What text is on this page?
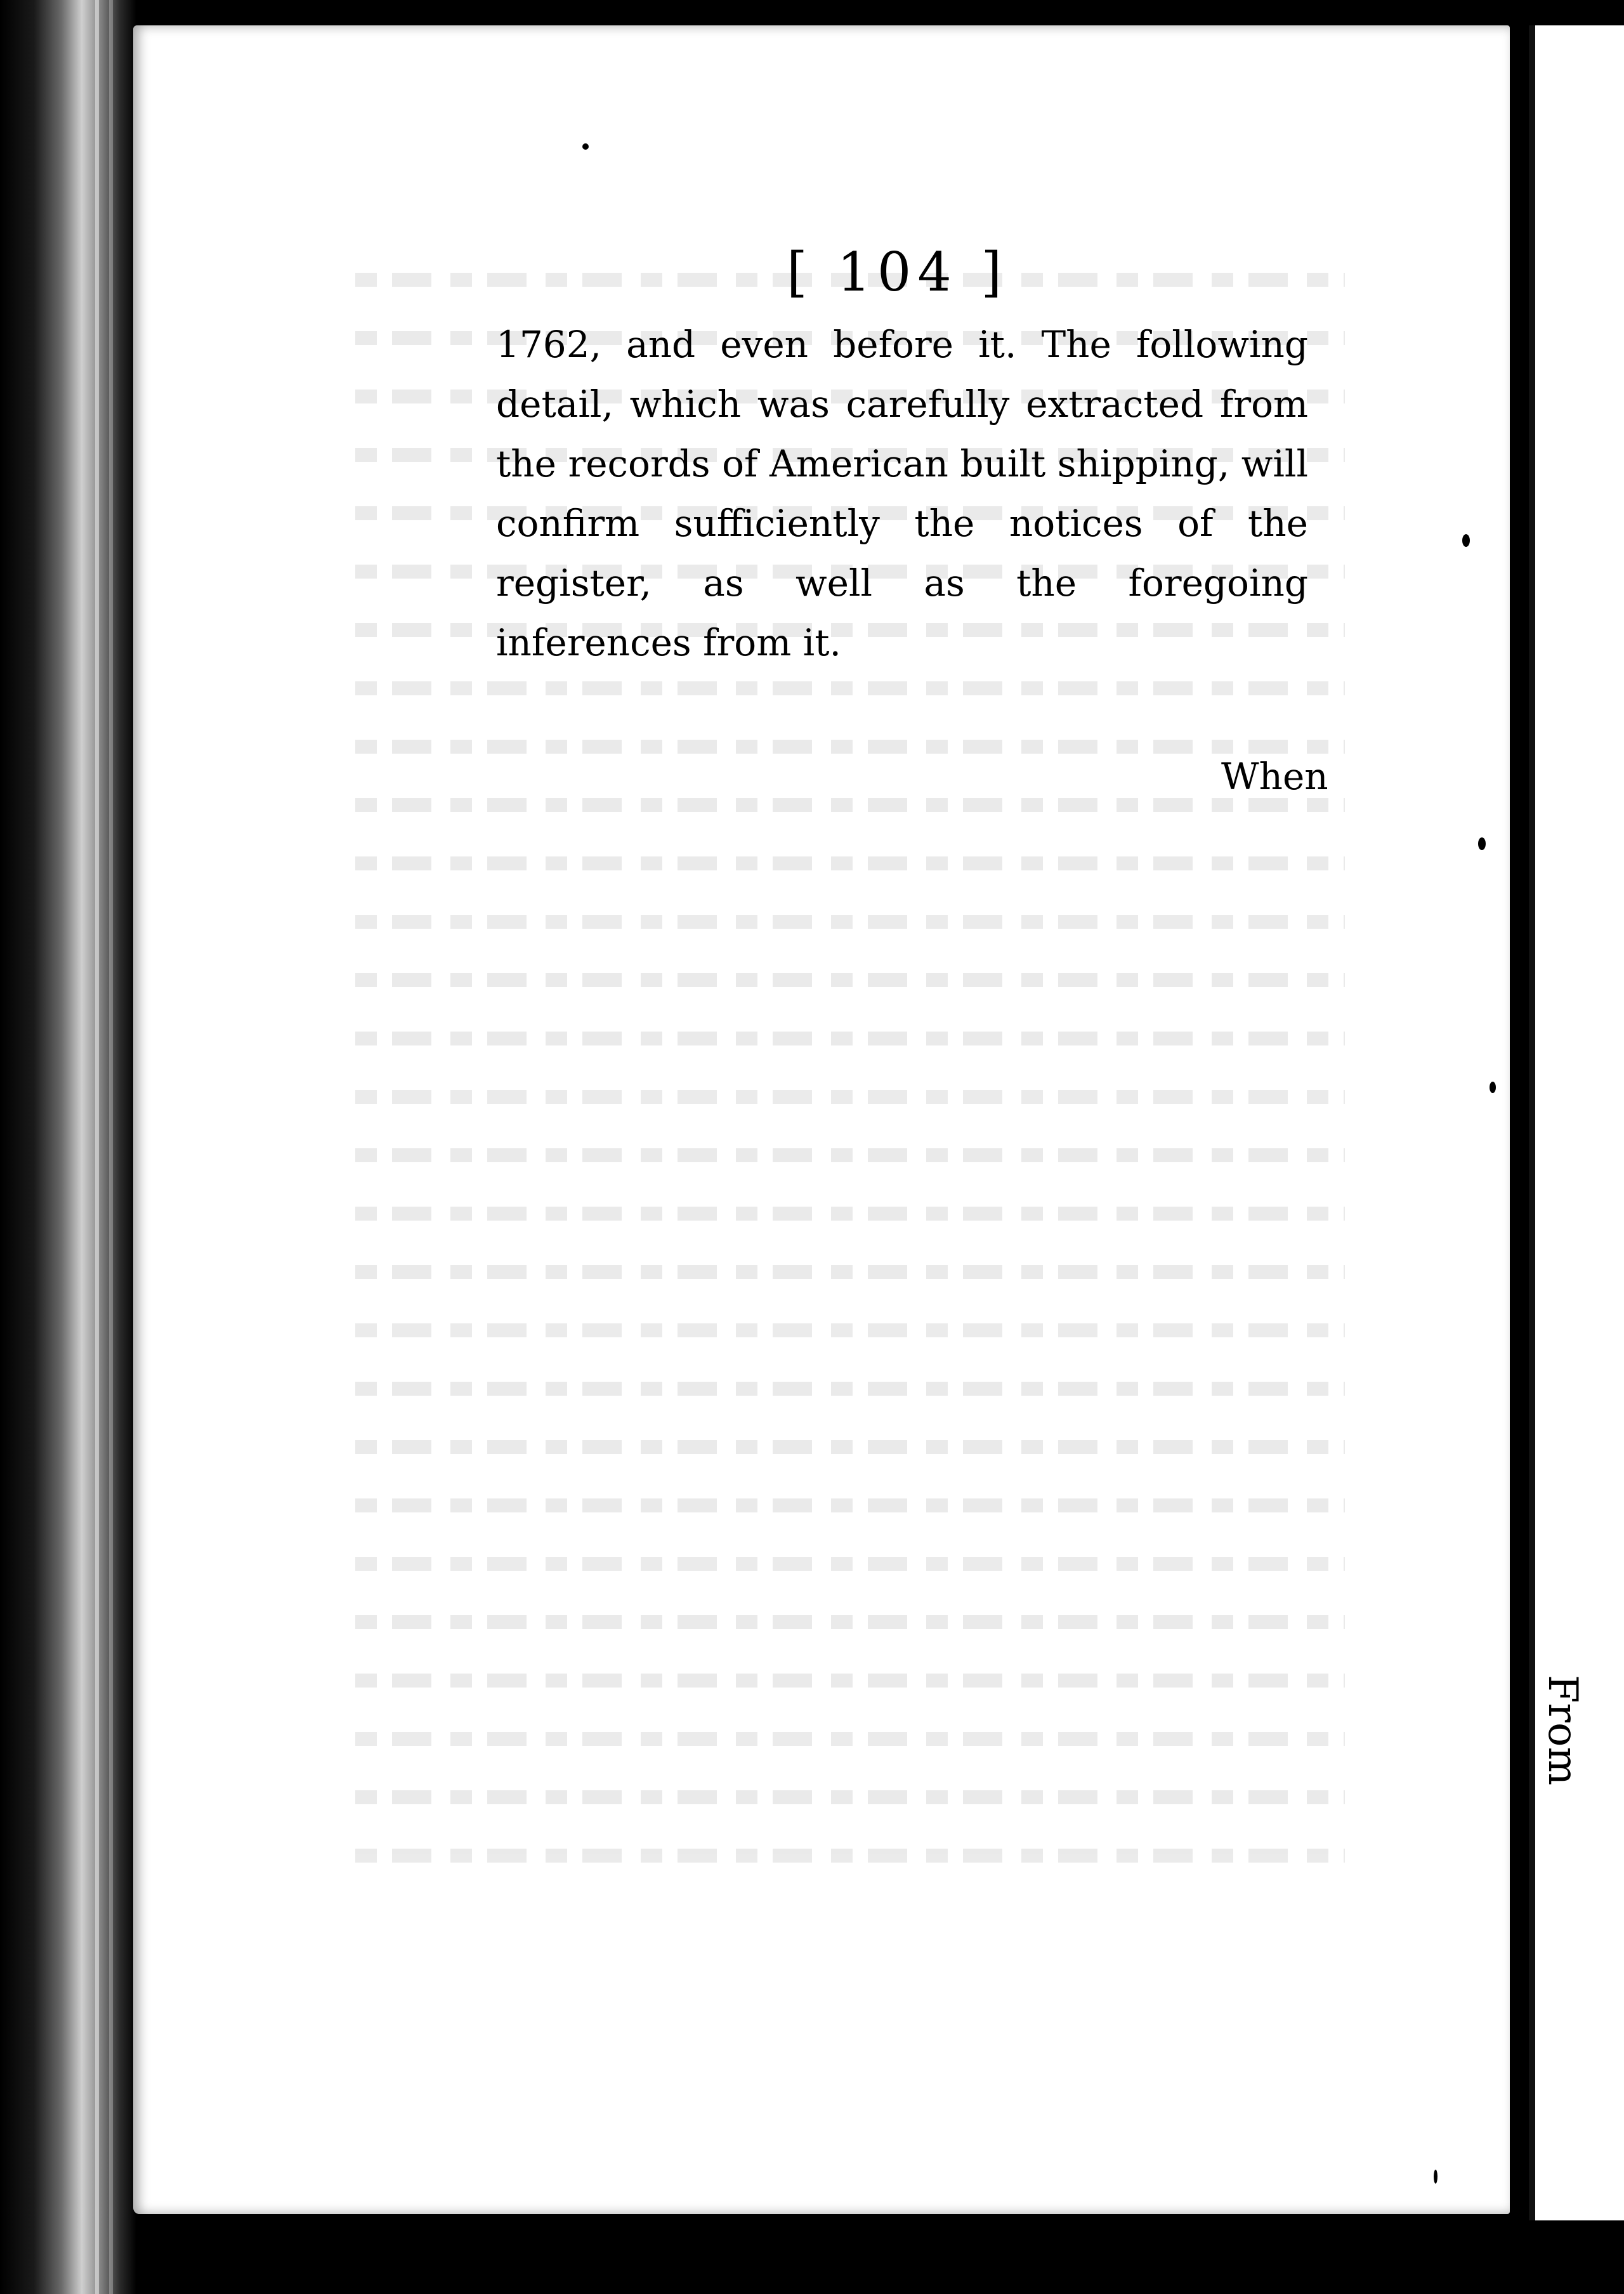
From
[ 104 ]

1762, and even before it. The following detail, which was carefully extracted from the records of American built shipping, will confirm sufficiently the notices of the register, as well as the foregoing inferences from it.

When
